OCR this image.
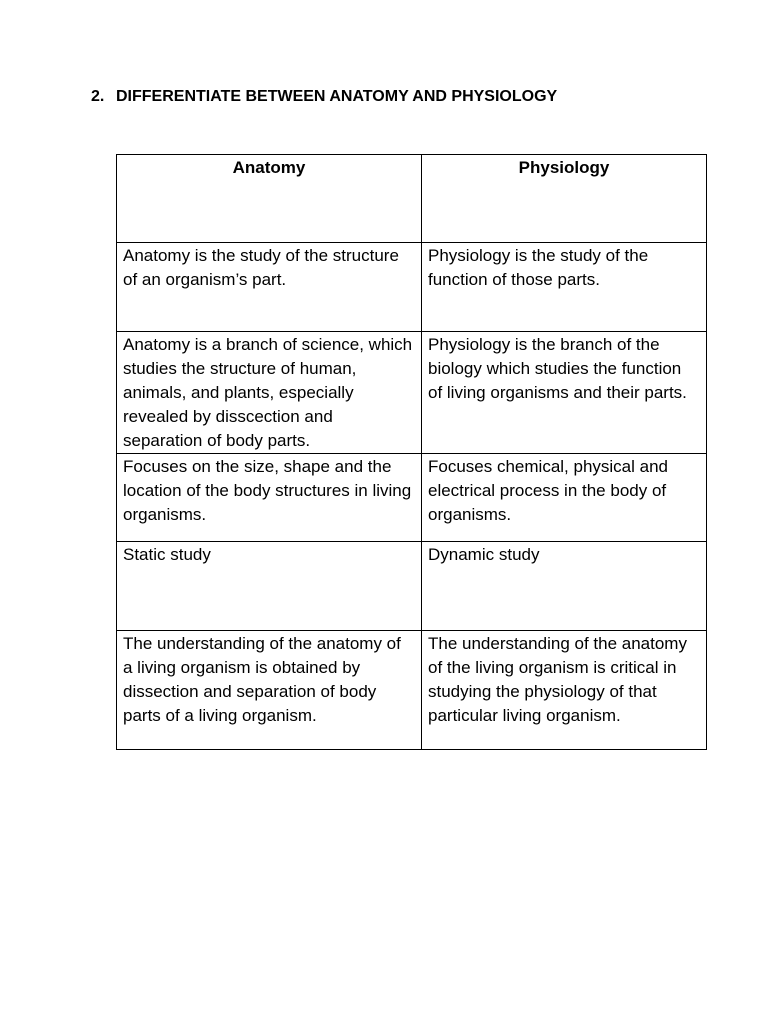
2. DIFFERENTIATE BETWEEN ANATOMY AND PHYSIOLOGY
Anatomy	Physiology
Anatomy is the study of the structure of an organism’s part.	Physiology is the study of the function of those parts.
Anatomy is a branch of science, which studies the structure of human, animals, and plants, especially revealed by disscection and separation of body parts.	Physiology is the branch of the biology which studies the function of living organisms and their parts.
Focuses on the size, shape and the location of the body structures in living organisms.	Focuses chemical, physical and electrical process in the body of organisms.
Static study	Dynamic study
The understanding of the anatomy of a living organism is obtained by dissection and separation of body parts of a living organism.	The understanding of the anatomy of the living organism is critical in studying the physiology of that particular living organism.
